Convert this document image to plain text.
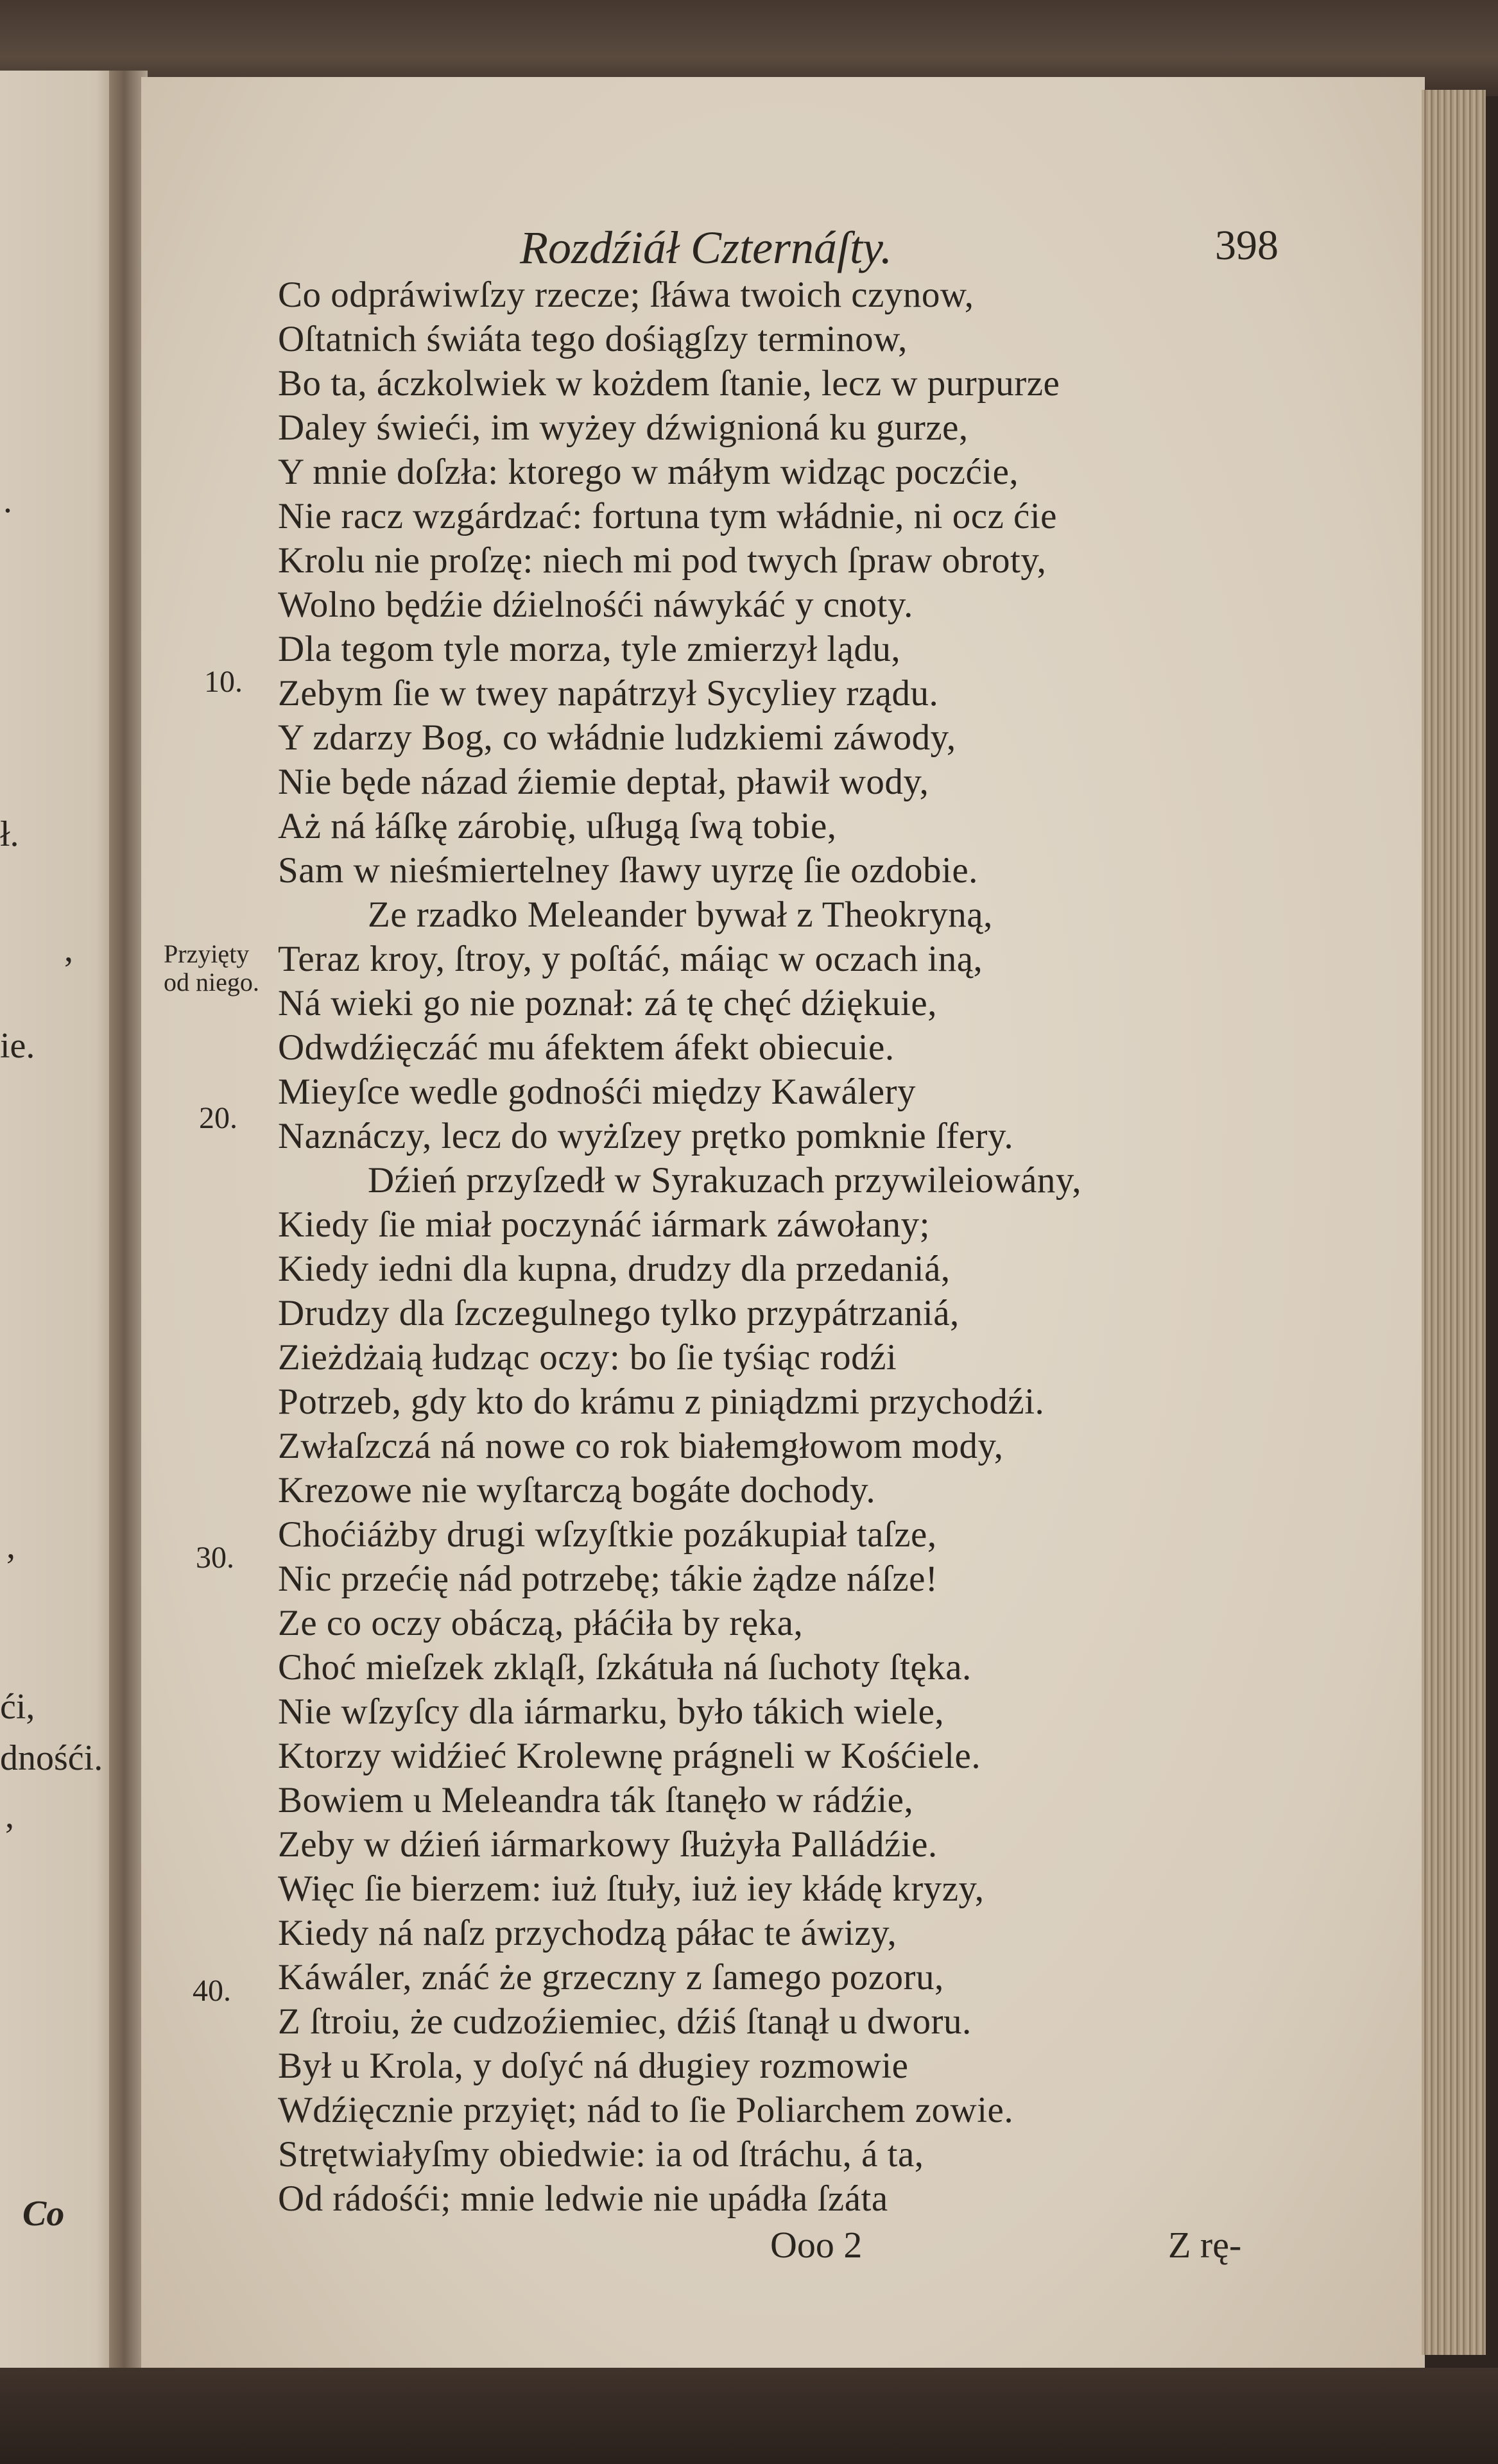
.
ł.
,
ie.
,
ći,
dnośći.
,
Co
Rozdźiáł Czternáſty.	398
10.
20.
30.
40.
Przyięty
od niego.
Co odpráwiwſzy rzecze; ſłáwa twoich czynow,
Oſtatnich świáta tego dośiągſzy terminow,
Bo ta, áczkolwiek w kożdem ſtanie, lecz w purpurze
Daley świeći, im wyżey dźwignioná ku gurze,
Y mnie doſzła: ktorego w máłym widząc poczćie,
Nie racz wzgárdzać: fortuna tym włádnie, ni ocz ćie
Krolu nie proſzę: niech mi pod twych ſpraw obroty,
Wolno będźie dźielnośći náwykáć y cnoty.
Dla tegom tyle morza, tyle zmierzył lądu,
Zebym ſie w twey napátrzył Sycyliey rządu.
Y zdarzy Bog, co włádnie ludzkiemi záwody,
Nie będe názad źiemie deptał, pławił wody,
Aż ná łáſkę zárobię, uſługą ſwą tobie,
Sam w nieśmiertelney ſławy uyrzę ſie ozdobie.
Ze rzadko Meleander bywał z Theokryną,
Teraz kroy, ſtroy, y poſtáć, máiąc w oczach iną,
Ná wieki go nie poznał: zá tę chęć dźiękuie,
Odwdźięczáć mu áfektem áfekt obiecuie.
Mieyſce wedle godnośći między Kawálery
Naznáczy, lecz do wyżſzey prętko pomknie ſfery.
Dźień przyſzedł w Syrakuzach przywileiowány,
Kiedy ſie miał poczynáć iármark záwołany;
Kiedy iedni dla kupna, drudzy dla przedaniá,
Drudzy dla ſzczegulnego tylko przypátrzaniá,
Zieżdżaią łudząc oczy: bo ſie tyśiąc rodźi
Potrzeb, gdy kto do krámu z piniądzmi przychodźi.
Zwłaſzczá ná nowe co rok białemgłowom mody,
Krezowe nie wyſtarczą bogáte dochody.
Choćiáżby drugi wſzyſtkie pozákupiał taſze,
Nic przećię nád potrzebę; tákie żądze náſze!
Ze co oczy obáczą, płáćiła by ręka,
Choć mieſzek zkląſł, ſzkátuła ná ſuchoty ſtęka.
Nie wſzyſcy dla iármarku, było tákich wiele,
Ktorzy widźieć Krolewnę prágneli w Kośćiele.
Bowiem u Meleandra ták ſtanęło w rádźie,
Zeby w dźień iármarkowy ſłużyła Palládźie.
Więc ſie bierzem: iuż ſtuły, iuż iey kłádę kryzy,
Kiedy ná naſz przychodzą páłac te áwizy,
Káwáler, znáć że grzeczny z ſamego pozoru,
Z ſtroiu, że cudzoźiemiec, dźiś ſtanął u dworu.
Był u Krola, y doſyć ná długiey rozmowie
Wdźięcznie przyięt; nád to ſie Poliarchem zowie.
Strętwiałyſmy obiedwie: ia od ſtráchu, á ta,
Od rádośći; mnie ledwie nie upádła ſzáta
Ooo 2	Z rę-
